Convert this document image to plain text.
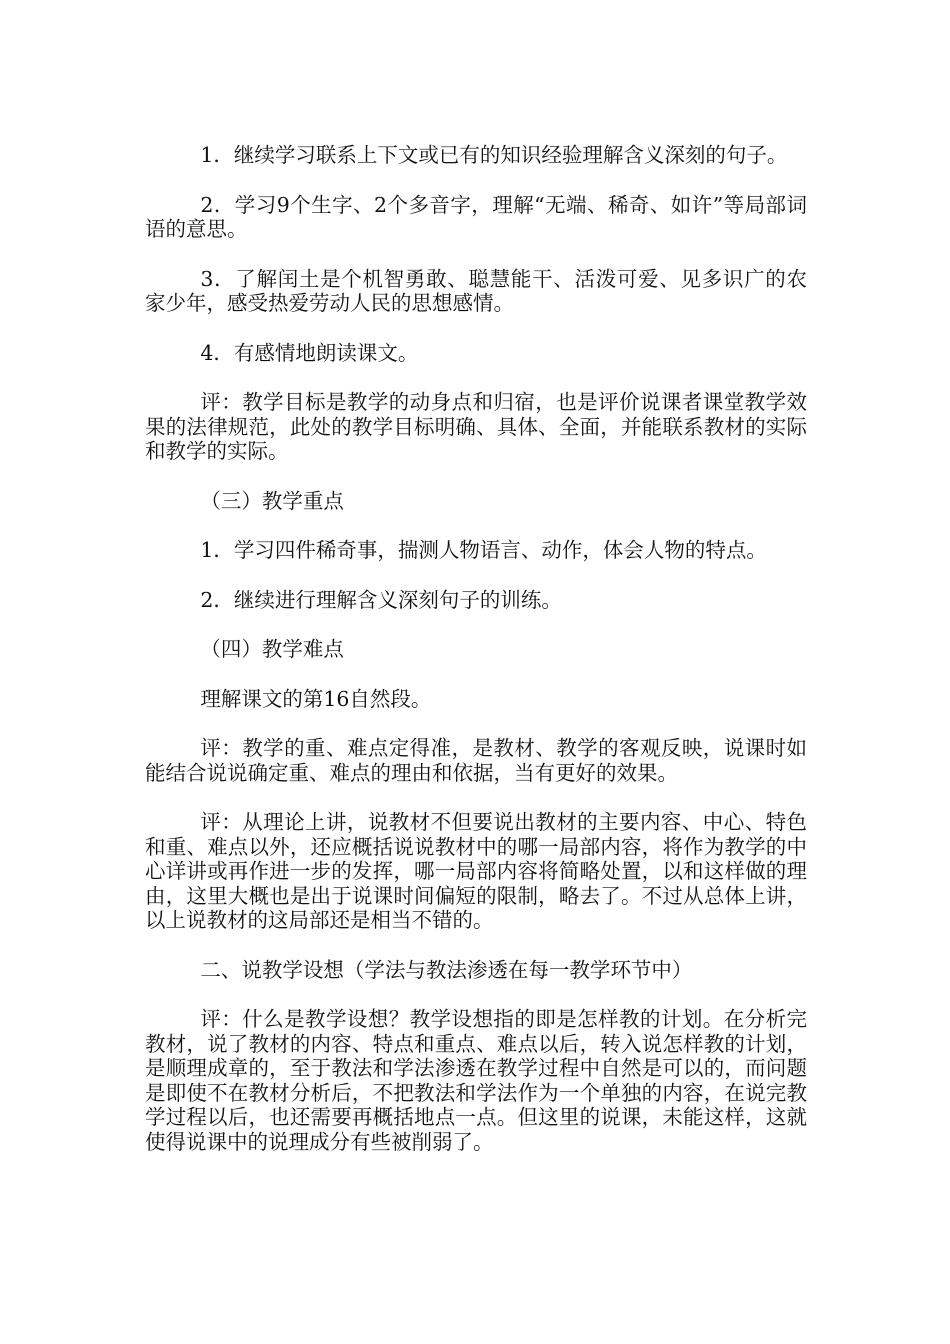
1．继续学习联系上下文或已有的知识经验理解含义深刻的句子。

2．学习9个生字、2个多音字，理解“无端、稀奇、如许”等局部词语的意思。

3．了解闰土是个机智勇敢、聪慧能干、活泼可爱、见多识广的农家少年，感受热爱劳动人民的思想感情。

4．有感情地朗读课文。

评：教学目标是教学的动身点和归宿，也是评价说课者课堂教学效果的法律规范，此处的教学目标明确、具体、全面，并能联系教材的实际和教学的实际。

（三）教学重点

1．学习四件稀奇事，揣测人物语言、动作，体会人物的特点。

2．继续进行理解含义深刻句子的训练。

（四）教学难点

理解课文的第16自然段。

评：教学的重、难点定得准，是教材、教学的客观反映，说课时如能结合说说确定重、难点的理由和依据，当有更好的效果。

评：从理论上讲，说教材不但要说出教材的主要内容、中心、特色和重、难点以外，还应概括说说教材中的哪一局部内容，将作为教学的中心详讲或再作进一步的发挥，哪一局部内容将简略处置，以和这样做的理由，这里大概也是出于说课时间偏短的限制，略去了。不过从总体上讲，以上说教材的这局部还是相当不错的。

二、说教学设想（学法与教法渗透在每一教学环节中）

评：什么是教学设想？教学设想指的即是怎样教的计划。在分析完教材，说了教材的内容、特点和重点、难点以后，转入说怎样教的计划，是顺理成章的，至于教法和学法渗透在教学过程中自然是可以的，而问题是即使不在教材分析后，不把教法和学法作为一个单独的内容，在说完教学过程以后，也还需要再概括地点一点。但这里的说课，未能这样，这就使得说课中的说理成分有些被削弱了。
